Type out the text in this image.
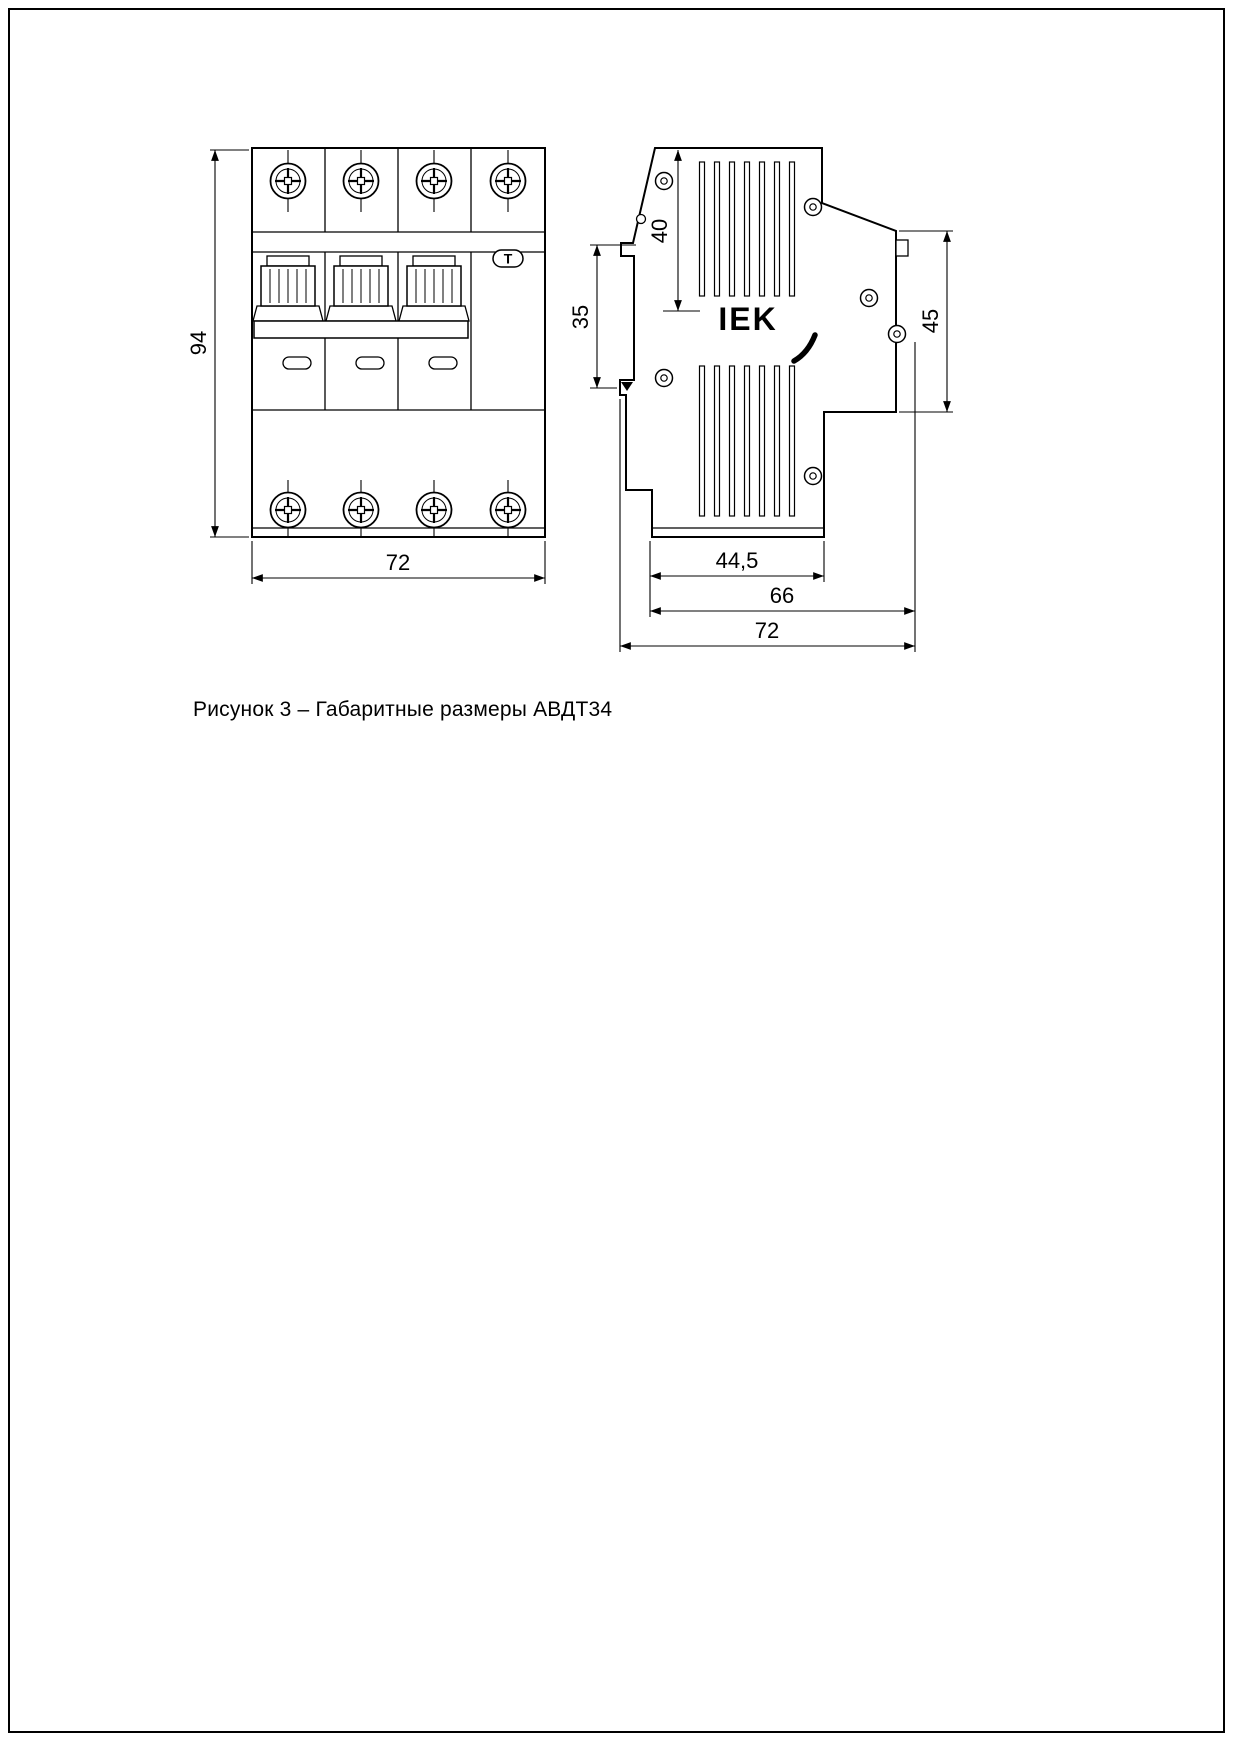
Т
IEK
94
72
40
35	45
44,5
66
72
Рисунок 3 – Габаритные размеры АВДТ34
